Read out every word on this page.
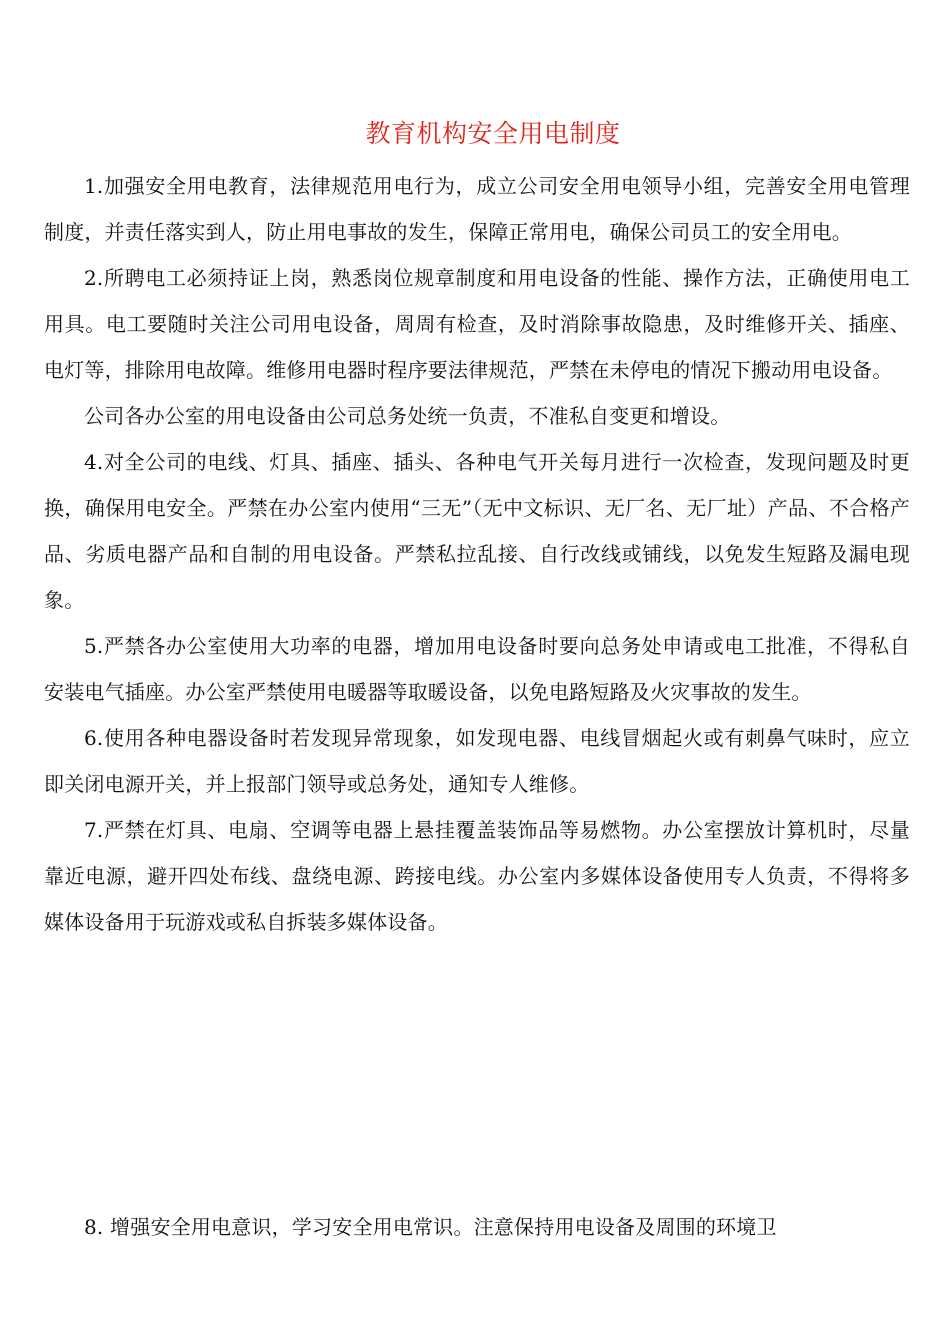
教育机构安全用电制度

1.加强安全用电教育，法律规范用电行为，成立公司安全用电领导小组，完善安全用电管理制度，并责任落实到人，防止用电事故的发生，保障正常用电，确保公司员工的安全用电。

2.所聘电工必须持证上岗，熟悉岗位规章制度和用电设备的性能、操作方法，正确使用电工用具。电工要随时关注公司用电设备，周周有检查，及时消除事故隐患，及时维修开关、插座、电灯等，排除用电故障。维修用电器时程序要法律规范，严禁在未停电的情况下搬动用电设备。

公司各办公室的用电设备由公司总务处统一负责，不准私自变更和增设。

4.对全公司的电线、灯具、插座、插头、各种电气开关每月进行一次检查，发现问题及时更换，确保用电安全。严禁在办公室内使用“三无”（无中文标识、无厂名、无厂址）产品、不合格产品、劣质电器产品和自制的用电设备。严禁私拉乱接、自行改线或铺线，以免发生短路及漏电现象。

5.严禁各办公室使用大功率的电器，增加用电设备时要向总务处申请或电工批准，不得私自安装电气插座。办公室严禁使用电暖器等取暖设备，以免电路短路及火灾事故的发生。

6.使用各种电器设备时若发现异常现象，如发现电器、电线冒烟起火或有刺鼻气味时，应立即关闭电源开关，并上报部门领导或总务处，通知专人维修。

7.严禁在灯具、电扇、空调等电器上悬挂覆盖装饰品等易燃物。办公室摆放计算机时，尽量靠近电源，避开四处布线、盘绕电源、跨接电线。办公室内多媒体设备使用专人负责，不得将多媒体设备用于玩游戏或私自拆装多媒体设备。

8. 增强安全用电意识，学习安全用电常识。注意保持用电设备及周围的环境卫
